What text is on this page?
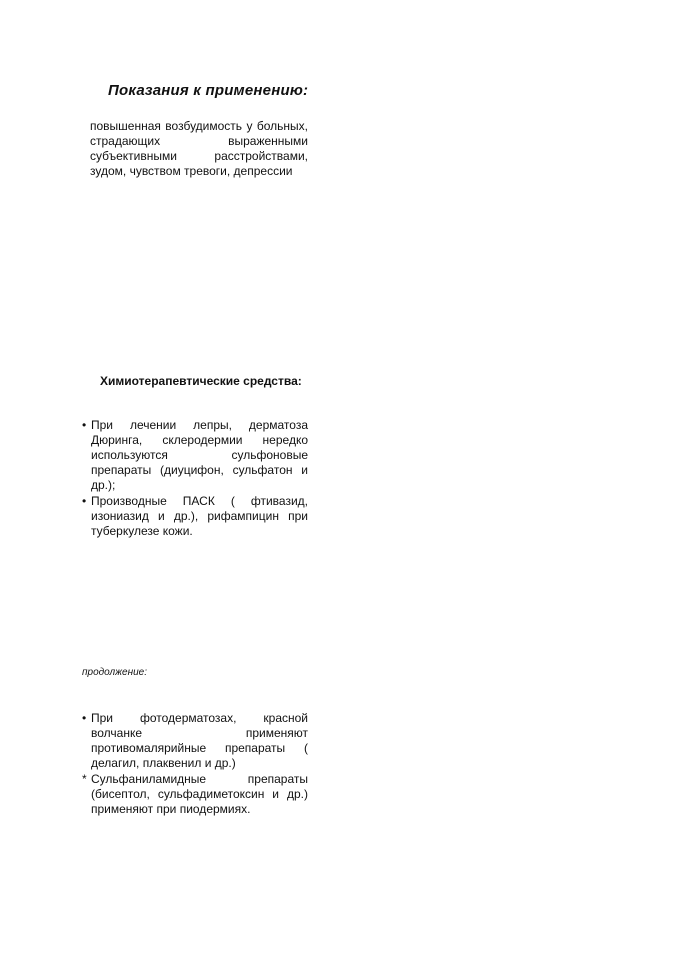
Показания к применению:
повышенная возбудимость у больных, страдающих выраженными субъективными расстройствами, зудом, чувством тревоги, депрессии
Химиотерапевтические средства:
• При лечении лепры, дерматоза Дюринга, склеродермии нередко используются сульфоновые препараты (диуцифон, сульфатон и др.);
• Производные ПАСК ( фтивазид, изониазид и др.), рифампицин при туберкулезе кожи.
продолжение:
• При фотодерматозах, красной волчанке применяют противомалярийные препараты ( делагил, плаквенил и др.)
* Сульфаниламидные препараты (бисептол, сульфадиметоксин и др.) применяют при пиодермиях.
